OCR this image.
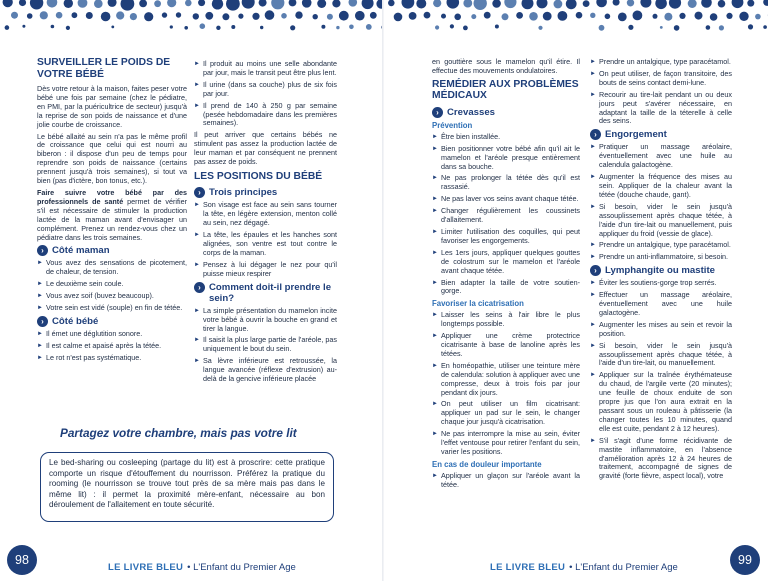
SURVEILLER LE POIDS DE VOTRE BÉBÉ

Dès votre retour à la maison, faites peser votre bébé une fois par semaine (chez le pédiatre, en PMI, par la puéricultrice de secteur) jusqu'à la reprise de son poids de naissance et d'une jolie courbe de croissance.

Le bébé allaité au sein n'a pas le même profil de croissance que celui qui est nourri au biberon : il dispose d'un peu de temps pour reprendre son poids de naissance (certains prennent jusqu'à trois semaines), si tout va bien (pas d'ictère, bon tonus, etc.).

Faire suivre votre bébé par des professionnels de santé permet de vérifier s'il est nécessaire de stimuler la production lactée de la maman avant d'envisager un complément. Prenez un rendez-vous chez un pédiatre dans les trois semaines.

› Côté maman
► Vous avez des sensations de picotement, de chaleur, de tension.
► Le deuxième sein coule.
► Vous avez soif (buvez beaucoup).
► Votre sein est vidé (souple) en fin de tétée.
› Côté bébé
► Il émet une déglutition sonore.
► Il est calme et apaisé après la tétée.
► Le rot n'est pas systématique.
► Il produit au moins une selle abondante par jour, mais le transit peut être plus lent.
► Il urine (dans sa couche) plus de six fois par jour.
► Il prend de 140 à 250 g par semaine (pesée hebdomadaire dans les premières semaines).

Il peut arriver que certains bébés ne stimulent pas assez la production lactée de leur maman et par conséquent ne prennent pas assez de poids.

LES POSITIONS DU BÉBÉ
› Trois principes
► Son visage est face au sein sans tourner la tête, en légère extension, menton collé au sein, nez dégagé.
► La tête, les épaules et les hanches sont alignées, son ventre est tout contre le corps de la maman.
► Pensez à lui dégager le nez pour qu'il puisse mieux respirer
› Comment doit-il prendre le sein?
► La simple présentation du mamelon incite votre bébé à ouvrir la bouche en grand et tirer la langue.
► Il saisit la plus large partie de l'aréole, pas uniquement le bout du sein.
► Sa lèvre inférieure est retroussée, la langue avancée (réflexe d'extrusion) au-delà de la gencive inférieure placée
Partagez votre chambre, mais pas votre lit
Le bed-sharing ou cosleeping (partage du lit) est à proscrire: cette pratique comporte un risque d'étouffement du nourrisson. Préférez la pratique du rooming (le nourrisson se trouve tout près de sa mère mais pas dans le même lit) : il permet la proximité mère-enfant, nécessaire au bon déroulement de l'allaitement en toute sécurité.
98
LE LIVRE BLEU • L'Enfant du Premier Age

en gouttière sous le mamelon qu'il étire. Il effectue des mouvements ondulatoires.

REMÉDIER AUX PROBLÈMES MÉDICAUX
› Crevasses
Prévention
► Être bien installée.
► Bien positionner votre bébé afin qu'il ait le mamelon et l'aréole presque entièrement dans sa bouche.
► Ne pas prolonger la tétée dès qu'il est rassasié.
► Ne pas laver vos seins avant chaque tétée.
► Changer régulièrement les coussinets d'allaitement.
► Limiter l'utilisation des coquilles, qui peut favoriser les engorgements.
► Les 1ers jours, appliquer quelques gouttes de colostrum sur le mamelon et l'aréole avant chaque tétée.
► Bien adapter la taille de votre soutien-gorge.
Favoriser la cicatrisation
► Laisser les seins à l'air libre le plus longtemps possible.
► Appliquer une crème protectrice cicatrisante à base de lanoline après les tétées.
► En homéopathie, utiliser une teinture mère de calendula: solution à appliquer avec une compresse, deux à trois fois par jour pendant dix jours.
► On peut utiliser un film cicatrisant: appliquer un pad sur le sein, le changer chaque jour jusqu'à cicatrisation.
► Ne pas interrompre la mise au sein, éviter l'effet ventouse pour retirer l'enfant du sein, varier les positions.
En cas de douleur importante
► Appliquer un glaçon sur l'aréole avant la tétée.
► Prendre un antalgique, type paracétamol.
► On peut utiliser, de façon transitoire, des bouts de seins contact demi-lune.
► Recourir au tire-lait pendant un ou deux jours peut s'avérer nécessaire, en adaptant la taille de la téterelle à celle des seins.
› Engorgement
► Pratiquer un massage aréolaire, éventuellement avec une huile au calendula galactogène.
► Augmenter la fréquence des mises au sein. Appliquer de la chaleur avant la tétée (douche chaude, gant).
► Si besoin, vider le sein jusqu'à assouplissement après chaque tétée, à l'aide d'un tire-lait ou manuellement, puis appliquer du froid (vessie de glace).
► Prendre un antalgique, type paracétamol.
► Prendre un anti-inflammatoire, si besoin.
› Lymphangite ou mastite
► Éviter les soutiens-gorge trop serrés.
► Effectuer un massage aréolaire, éventuellement avec une huile galactogène.
► Augmenter les mises au sein et revoir la position.
► Si besoin, vider le sein jusqu'à assouplissement après chaque tétée, à l'aide d'un tire-lait, ou manuellement.
► Appliquer sur la traînée érythémateuse du chaud, de l'argile verte (20 minutes); une feuille de choux enduite de son propre jus que l'on aura extrait en la passant sous un rouleau à pâtisserie (la changer toutes les 10 minutes, quand elle est cuite, pendant 2 à 12 heures).
► S'il s'agit d'une forme récidivante de mastite inflammatoire, en l'absence d'amélioration après 12 à 24 heures de traitement, accompagné de signes de gravité (forte fièvre, aspect local), votre
LE LIVRE BLEU • L'Enfant du Premier Age
99
